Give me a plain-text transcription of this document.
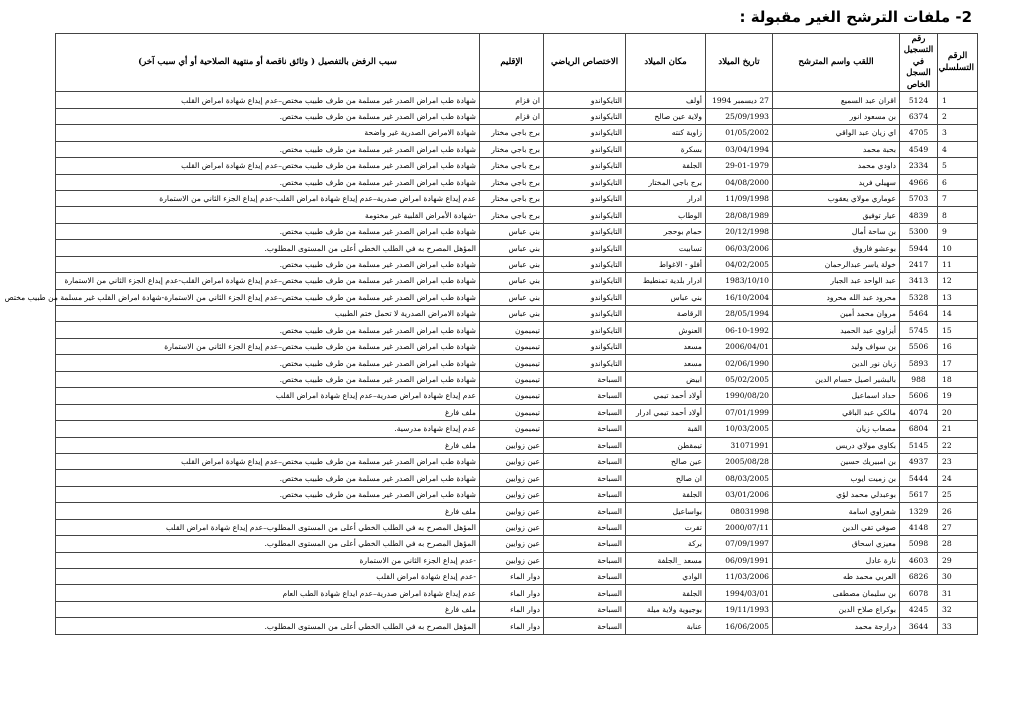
2- ملفات الترشح الغير مقبولة :
الرقم التسلسلي	رقم التسجيل في السجل الخاص	اللقب واسم المترشح	تاريخ الميلاد	مكان الميلاد	الاختصاص الرياضي	الإقليم	سبب الرفض بالتفصيل ( وثائق ناقصة أو منتهية الصلاحية أو أي سبب آخر)
1	5124	اقران عبد السميع	27 ديسمبر 1994	أولف	التايكواندو	ان قزام	شهادة طب امراض الصدر غير مسلمة من طرف طبيب مختص–عدم إيداع شهادة امراض القلب
2	6374	بن مسعود انور	25/09/1993	ولاية عين صالح	التايكواندو	ان قزام	شهادة طب امراض الصدر غير مسلمة من طرف طبيب مختص.
3	4705	اي زيان عبد الواقي	01/05/2002	زاوية كنته	التايكواندو	برج باجي مختار	شهادة الامراض الصدرية غير واضحة
4	4549	بحبة محمد	03/04/1994	بسكرة	التايكواندو	برج باجي مختار	شهادة طب امراض الصدر غير مسلمة من طرف طبيب مختص.
5	2334	داودي محمد	29-01-1979	الجلفة	التايكواندو	برج باجي مختار	شهادة طب امراض الصدر غير مسلمة من طرف طبيب مختص–عدم إيداع شهادة امراض القلب
6	4966	سهيلي فريد	04/08/2000	برج باجي المختار	التايكواندو	برج باجي مختار	شهادة طب امراض الصدر غير مسلمة من طرف طبيب مختص.
7	5703	عوماري مولاي يعقوب	11/09/1998	ادرار	التايكواندو	برج باجي مختار	عدم إيداع شهادة امراض صدرية–عدم إيداع شهادة امراض القلب-عدم إيداع الجزء الثاني من الاستمارة
8	4839	عيار توفيق	28/08/1989	الوطاب	التايكواندو	برج باجي مختار	-شهادة الأمراض القلبية غير مختومة
9	5300	بن ساحة أمال	20/12/1998	حمام بوحجر	التايكواندو	بني عباس	شهادة طب امراض الصدر غير مسلمة من طرف طبيب مختص.
10	5944	بوعشو فاروق	06/03/2006	تسابيت	التايكواندو	بني عباس	المؤهل المصرح به في الطلب الخطي أعلى من المستوى المطلوب.
11	2417	خولة ياسر عبدالرحمان	04/02/2005	أفلو - الاغواط	التايكواندو	بني عباس	شهادة طب امراض الصدر غير مسلمة من طرف طبيب مختص.
12	3413	عبد الواحد عبد الجبار	1983/10/10	ادرار بلدية تمنطيط	التايكواندو	بني عباس	شهادة طب امراض الصدر غير مسلمة من طرف طبيب مختص–عدم إيداع شهادة امراض القلب-عدم إيداع الجزء الثاني من الاستمارة
13	5328	محرود عبد الله محرود	16/10/2004	بني عباس	التايكواندو	بني عباس	شهادة طب امراض الصدر غير مسلمة من طرف طبيب مختص–عدم إيداع الجزء الثاني من الاستمارة-شهادة امراض القلب غير مسلمة من طبيب مختص
14	5464	مروان محمد أمين	28/05/1994	الرقاصة	التايكواندو	بني عباس	شهادة الامراض الصدرية لا تحمل ختم الطبيب
15	5745	أيزاوي عبد الحميد	06-10-1992	العنوش	التايكواندو	تيميمون	شهادة طب امراض الصدر غير مسلمة من طرف طبيب مختص.
16	5506	بن سواف وليد	2006/04/01	مسعد	التايكواندو	تيميمون	شهادة طب امراض الصدر غير مسلمة من طرف طبيب مختص–عدم إيداع الجزء الثاني من الاستمارة
17	5893	زيان نور الدين	02/06/1990	مسعد	التايكواندو	تيميمون	شهادة طب امراض الصدر غير مسلمة من طرف طبيب مختص.
18	988	بالبشير اصيل حسام الدين	05/02/2005	ابيض	السباحة	تيميمون	شهادة طب امراض الصدر غير مسلمة من طرف طبيب مختص.
19	5606	حداد اسماعيل	1990/08/20	أولاد أحمد تيمي	السباحة	تيميمون	عدم إيداع شهادة امراض صدرية–عدم إيداع شهادة امراض القلب
20	4074	مالكي عبد الباقي	07/01/1999	أولاد أحمد تيمي ادرار	السباحة	تيميمون	ملف فارغ
21	6804	مصعاب زيان	10/03/2005	القبة	السباحة	تيميمون	عدم إيداع شهادة مدرسية.
22	5145	بكاوي مولاي دريس	31071991	تيمقطن	السباحة	عين زوايين	ملف فارغ
23	4937	بن امبيريك حسين	2005/08/28	عين صالح	السباحة	عين زوايين	شهادة طب امراض الصدر غير مسلمة من طرف طبيب مختص–عدم إيداع شهادة امراض القلب
24	5444	بن زميت ايوب	08/03/2005	ان صالح	السباحة	عين زوايين	شهادة طب امراض الصدر غير مسلمة من طرف طبيب مختص.
25	5617	بوعبدلي محمد لؤي	03/01/2006	الجلفة	السباحة	عين زوايين	شهادة طب امراض الصدر غير مسلمة من طرف طبيب مختص.
26	1329	شعراوي اسامة	08031998	بواساعيل	السباحة	عين زوايين	ملف فارغ
27	4148	صوفي تقي الدين	2000/07/11	تقرت	السباحة	عين زوايين	المؤهل المصرح به في الطلب الخطي أعلى من المستوى المطلوب–عدم إيداع شهادة امراض القلب
28	5098	معيزي اسحاق	07/09/1997	بركة	السباحة	عين زوايين	المؤهل المصرح به في الطلب الخطي أعلى من المستوى المطلوب.
29	4603	نارة عادل	06/09/1991	مسعد _الجلفة	السباحة	عين زوايين	-عدم إيداع الجزء الثاني من الاستمارة
30	6826	العربي محمد طه	11/03/2006	الوادي	السباحة	دوار الماء	-عدم إيداع شهادة امراض القلب
31	6078	بن سليمان مصطفى	1994/03/01	الجلفة	السباحة	دوار الماء	عدم إيداع شهادة امراض صدرية–عدم ايداع شهادة الطب العام
32	4245	بوكراع صلاح الدين	19/11/1993	بوجيوية ولاية ميلة	السباحة	دوار الماء	ملف فارغ
33	3644	درارجة محمد	16/06/2005	عنابة	السباحة	دوار الماء	المؤهل المصرح به في الطلب الخطي أعلى من المستوى المطلوب.
